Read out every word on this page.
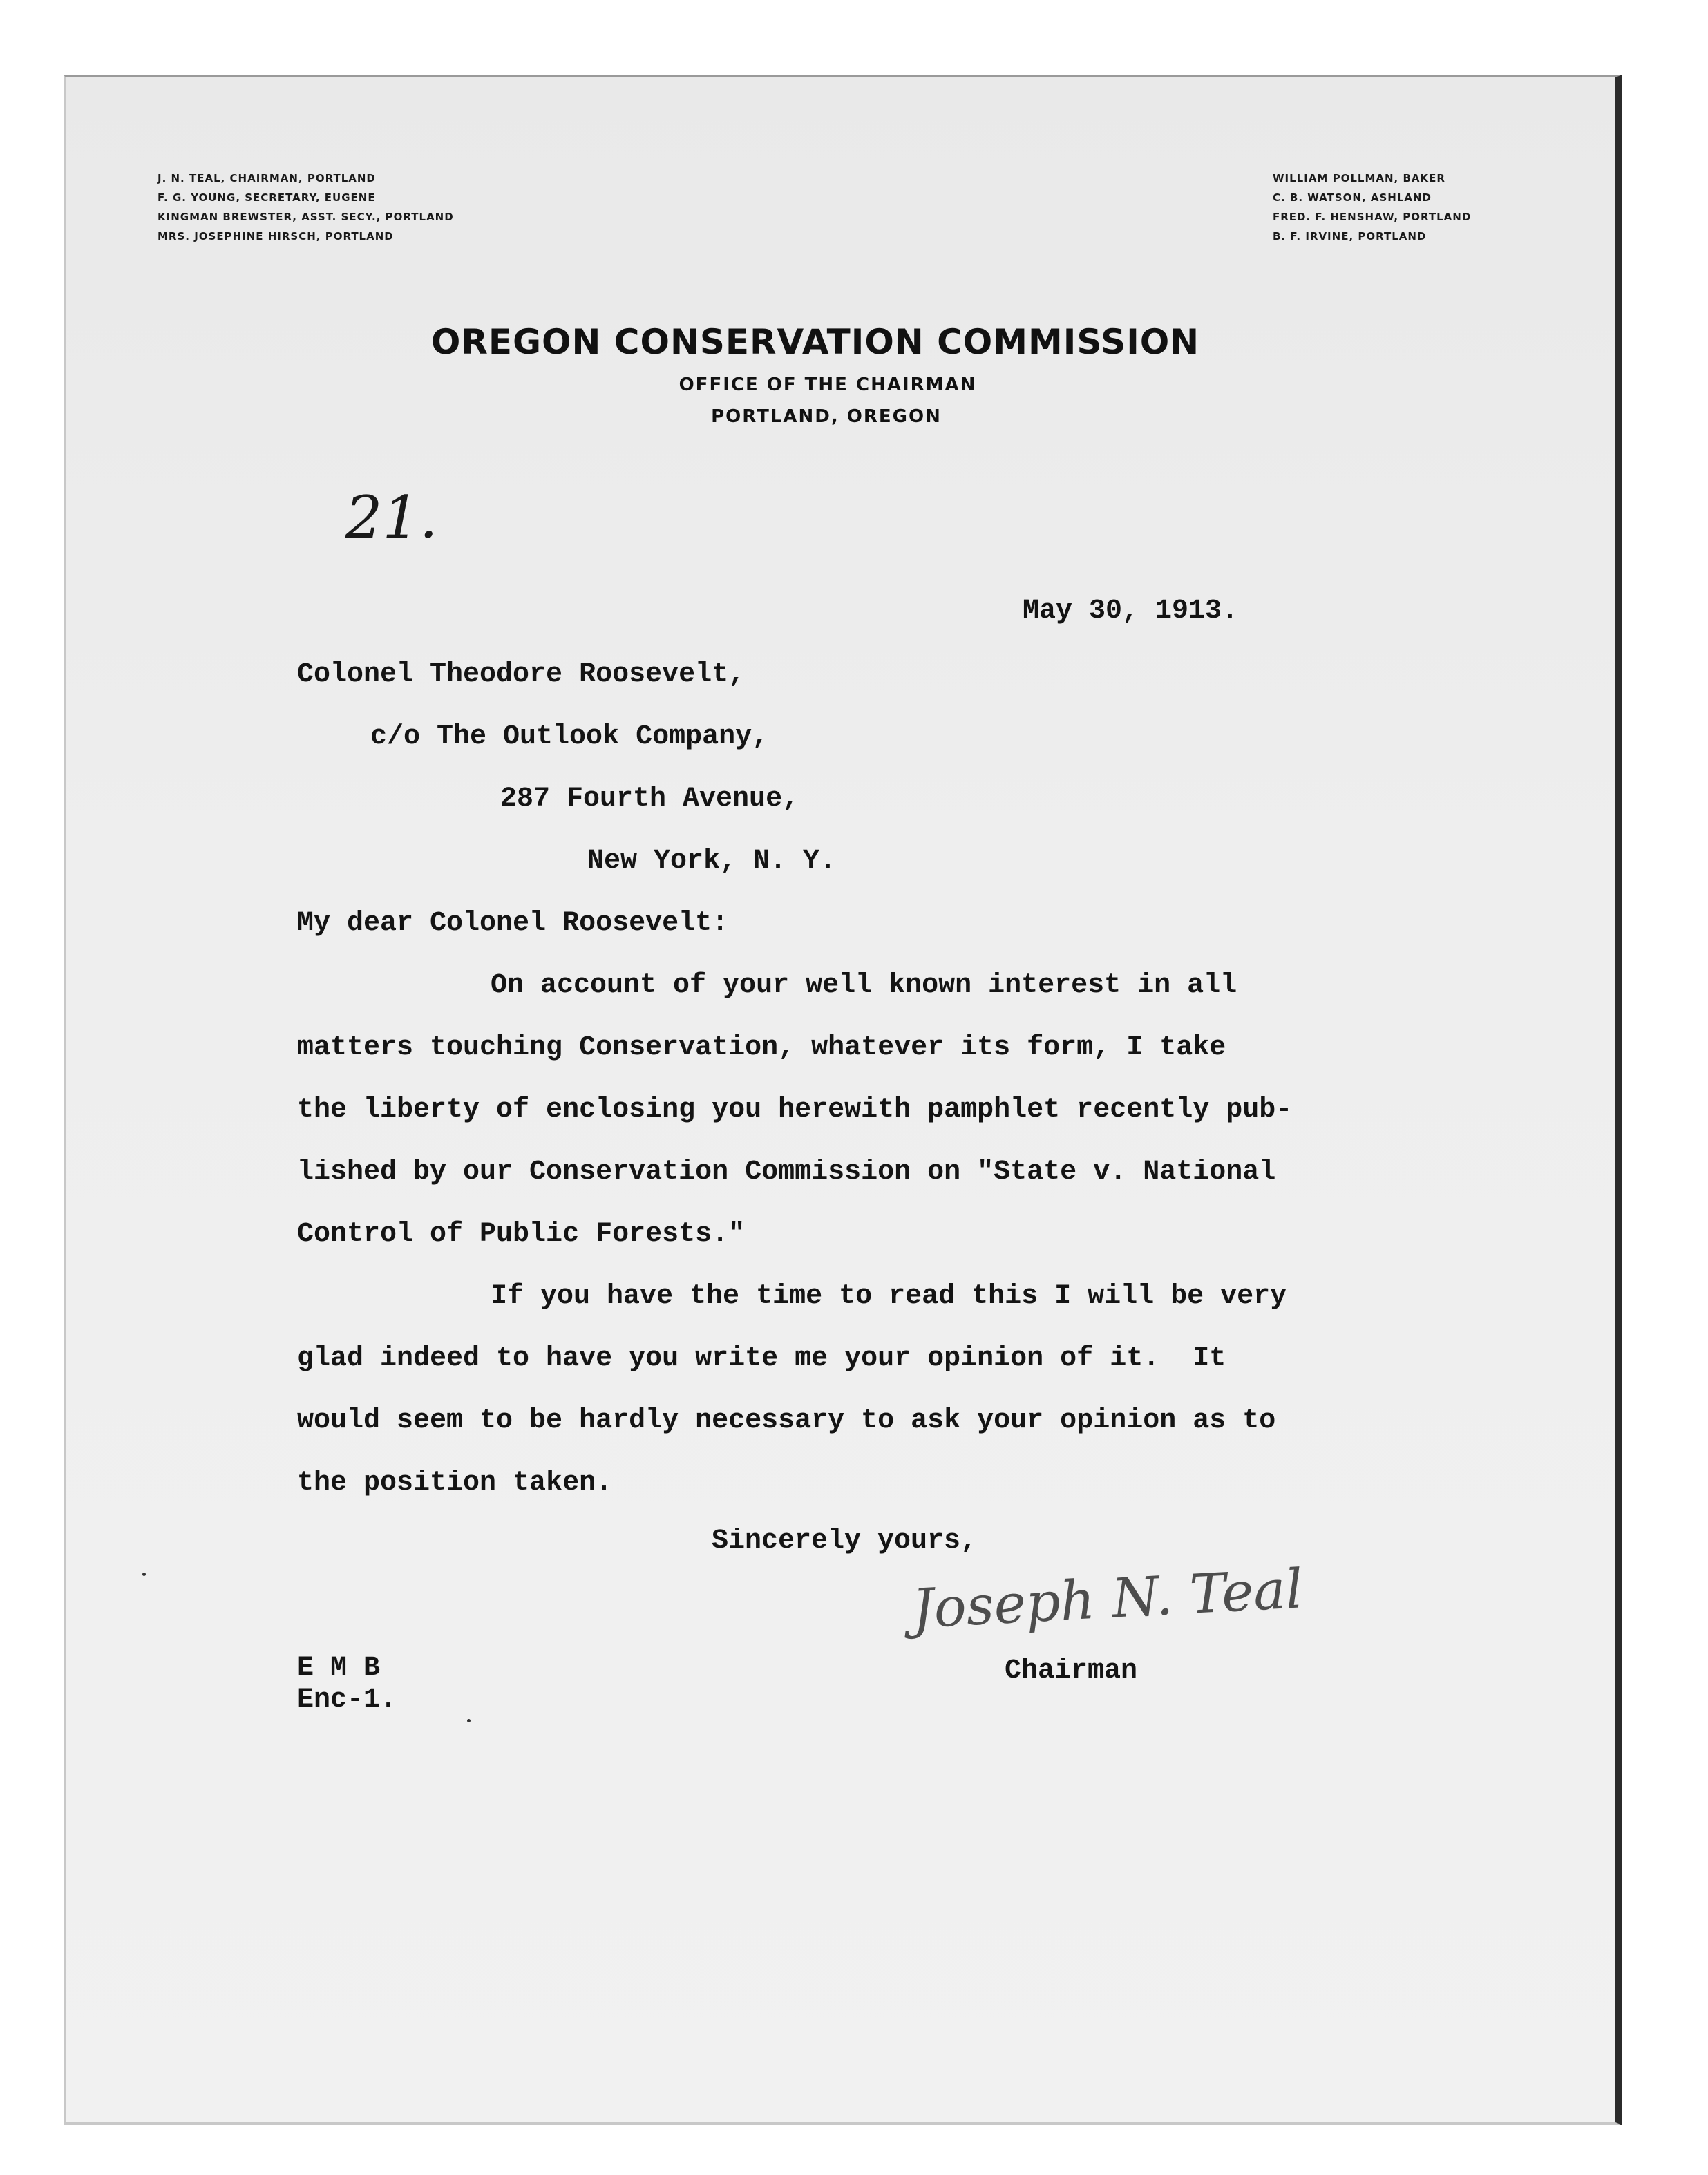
J. N. TEAL, CHAIRMAN, PORTLAND
F. G. YOUNG, SECRETARY, EUGENE
KINGMAN BREWSTER, ASST. SECY., PORTLAND
MRS. JOSEPHINE HIRSCH, PORTLAND
WILLIAM POLLMAN, BAKER
C. B. WATSON, ASHLAND
FRED. F. HENSHAW, PORTLAND
B. F. IRVINE, PORTLAND
OREGON CONSERVATION COMMISSION
OFFICE OF THE CHAIRMAN
PORTLAND, OREGON
21.

May 30, 1913.

Colonel Theodore Roosevelt,

c/o The Outlook Company,

287 Fourth Avenue,

New York, N. Y.

My dear Colonel Roosevelt:

On account of your well known interest in all

matters touching Conservation, whatever its form, I take

the liberty of enclosing you herewith pamphlet recently pub-

lished by our Conservation Commission on "State v. National

Control of Public Forests."

If you have the time to read this I will be very

glad indeed to have you write me your opinion of it.  It

would seem to be hardly necessary to ask your opinion as to

the position taken.

Sincerely yours,

Joseph N. Teal

Chairman

E M B

Enc-1.
